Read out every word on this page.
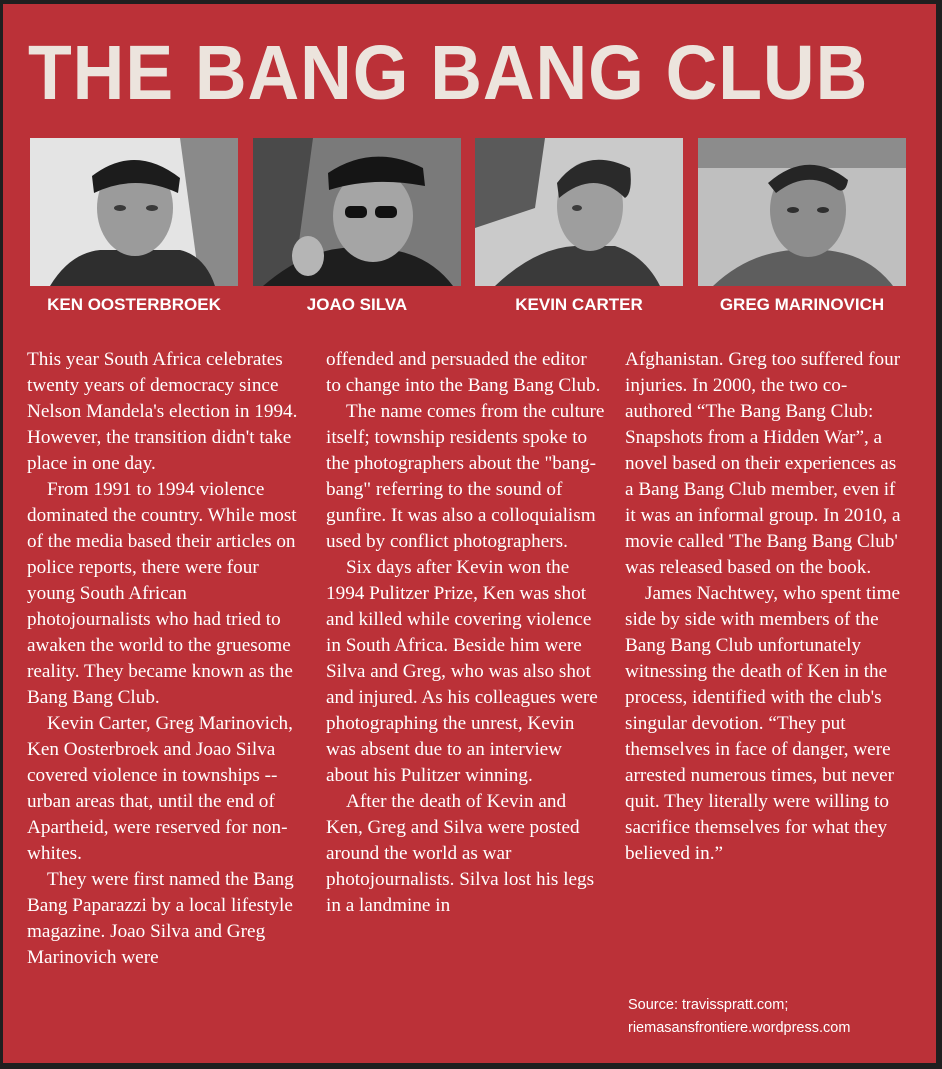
THE BANG BANG CLUB
KEN OOSTERBROEK	JOAO SILVA	KEVIN CARTER	GREG MARINOVICH

This year South Africa celebrates twenty years of democracy since Nelson Mandela's election in 1994. However, the transition didn't take place in one day.

From 1991 to 1994 violence dominated the country. While most of the media based their articles on police reports, there were four young South African photojournalists who had tried to awaken the world to the gruesome reality. They became known as the Bang Bang Club.

Kevin Carter, Greg Marinovich, Ken Oosterbroek and Joao Silva covered violence in townships -- urban areas that, until the end of Apartheid, were reserved for non-whites.

They were first named the Bang Bang Paparazzi by a local lifestyle magazine. Joao Silva and Greg Marinovich were

offended and persuaded the editor to change into the Bang Bang Club.

The name comes from the culture itself; township residents spoke to the photographers about the "bang-bang" referring to the sound of gunfire. It was also a colloquialism used by conflict photographers.

Six days after Kevin won the 1994 Pulitzer Prize, Ken was shot and killed while covering violence in South Africa. Beside him were Silva and Greg, who was also shot and injured. As his colleagues were photographing the unrest, Kevin was absent due to an interview about his Pulitzer winning.

After the death of Kevin and Ken, Greg and Silva were posted around the world as war photojournalists. Silva lost his legs in a landmine in

Afghanistan. Greg too suffered four injuries. In 2000, the two co-authored “The Bang Bang Club: Snapshots from a Hidden War”, a novel based on their experiences as a Bang Bang Club member, even if it was an informal group. In 2010, a movie called 'The Bang Bang Club' was released based on the book.

James Nachtwey, who spent time side by side with members of the Bang Bang Club unfortunately witnessing the death of Ken in the process, identified with the club's singular devotion. “They put themselves in face of danger, were arrested numerous times, but never quit. They literally were willing to sacrifice themselves for what they believed in.”

Source: travisspratt.com;
riemasansfrontiere.wordpress.com
